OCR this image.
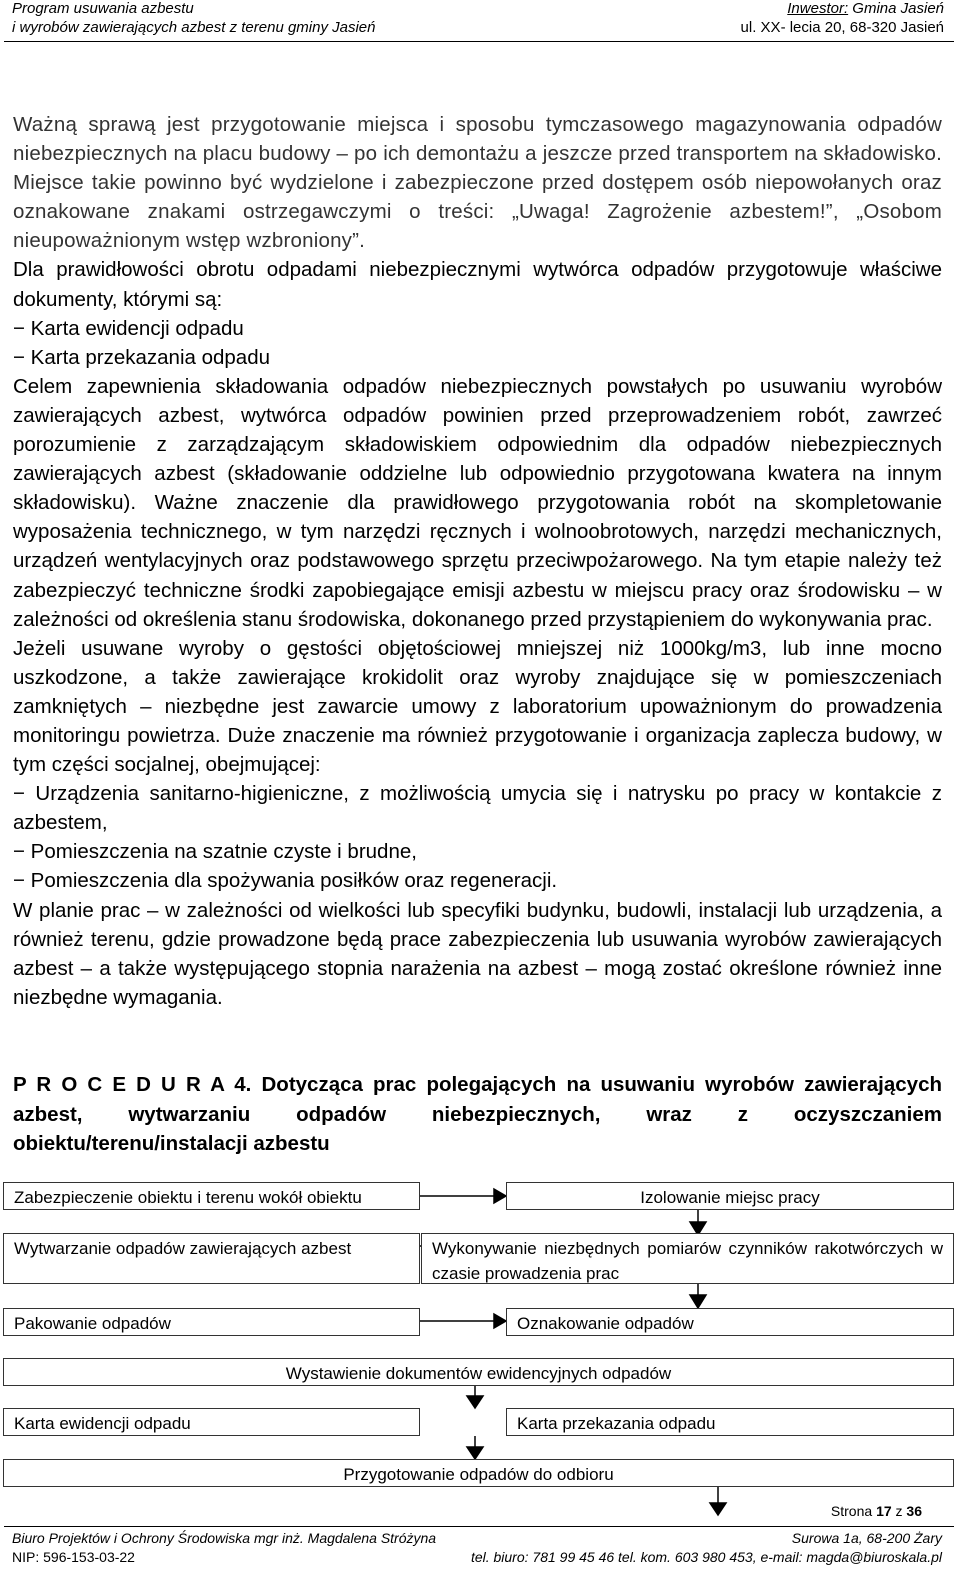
Program usuwania azbestu
i wyrobów zawierających azbest z terenu gminy Jasień
Inwestor: Gmina Jasień
ul. XX- lecia 20, 68-320 Jasień

Ważną sprawą jest przygotowanie miejsca i sposobu tymczasowego magazynowania odpadów niebezpiecznych na placu budowy – po ich demontażu a jeszcze przed transportem na składowisko. Miejsce takie powinno być wydzielone i zabezpieczone przed dostępem osób niepowołanych oraz oznakowane znakami ostrzegawczymi o treści: „Uwaga! Zagrożenie azbestem!”, „Osobom nieupoważnionym wstęp wzbroniony”.

Dla prawidłowości obrotu odpadami niebezpiecznymi wytwórca odpadów przygotowuje właściwe dokumenty, którymi są:

− Karta ewidencji odpadu
− Karta przekazania odpadu

Celem zapewnienia składowania odpadów niebezpiecznych powstałych po usuwaniu wyrobów zawierających azbest, wytwórca odpadów powinien przed przeprowadzeniem robót, zawrzeć porozumienie z zarządzającym składowiskiem odpowiednim dla odpadów niebezpiecznych zawierających azbest (składowanie oddzielne lub odpowiednio przygotowana kwatera na innym składowisku). Ważne znaczenie dla prawidłowego przygotowania robót na skompletowanie wyposażenia technicznego, w tym narzędzi ręcznych i wolnoobrotowych, narzędzi mechanicznych, urządzeń wentylacyjnych oraz podstawowego sprzętu przeciwpożarowego. Na tym etapie należy też zabezpieczyć techniczne środki zapobiegające emisji azbestu w miejscu pracy oraz środowisku – w zależności od określenia stanu środowiska, dokonanego przed przystąpieniem do wykonywania prac.

Jeżeli usuwane wyroby o gęstości objętościowej mniejszej niż 1000kg/m3, lub inne mocno uszkodzone, a także zawierające krokidolit oraz wyroby znajdujące się w pomieszczeniach zamkniętych – niezbędne jest zawarcie umowy z laboratorium upoważnionym do prowadzenia monitoringu powietrza. Duże znaczenie ma również przygotowanie i organizacja zaplecza budowy, w tym części socjalnej, obejmującej:

− Urządzenia sanitarno-higieniczne, z możliwością umycia się i natrysku po pracy w kontakcie z azbestem,
− Pomieszczenia na szatnie czyste i brudne,
− Pomieszczenia dla spożywania posiłków oraz regeneracji.

W planie prac – w zależności od wielkości lub specyfiki budynku, budowli, instalacji lub urządzenia, a również terenu, gdzie prowadzone będą prace zabezpieczenia lub usuwania wyrobów zawierających azbest – a także występującego stopnia narażenia na azbest – mogą zostać określone również inne niezbędne wymagania.

P R O C E D U R A 4. Dotycząca prac polegających na usuwaniu wyrobów zawierających
azbest, wytwarzaniu odpadów niebezpiecznych, wraz z oczyszczaniem
obiektu/terenu/instalacji azbestu
Zabezpieczenie obiektu i terenu wokół obiektu	Izolowanie miejsc pracy
Wytwarzanie odpadów zawierających azbest	Wykonywanie niezbędnych pomiarów czynników rakotwórczych w czasie prowadzenia prac
Pakowanie odpadów	Oznakowanie odpadów
Wystawienie dokumentów ewidencyjnych odpadów
Karta ewidencji odpadu	Karta przekazania odpadu
Przygotowanie odpadów do odbioru
Strona 17 z 36
Biuro Projektów i Ochrony Środowiska mgr inż. Magdalena Stróżyna
NIP: 596-153-03-22
Surowa 1a, 68-200 Żary
tel. biuro: 781 99 45 46 tel. kom. 603 980 453, e-mail: magda@biuroskala.pl
